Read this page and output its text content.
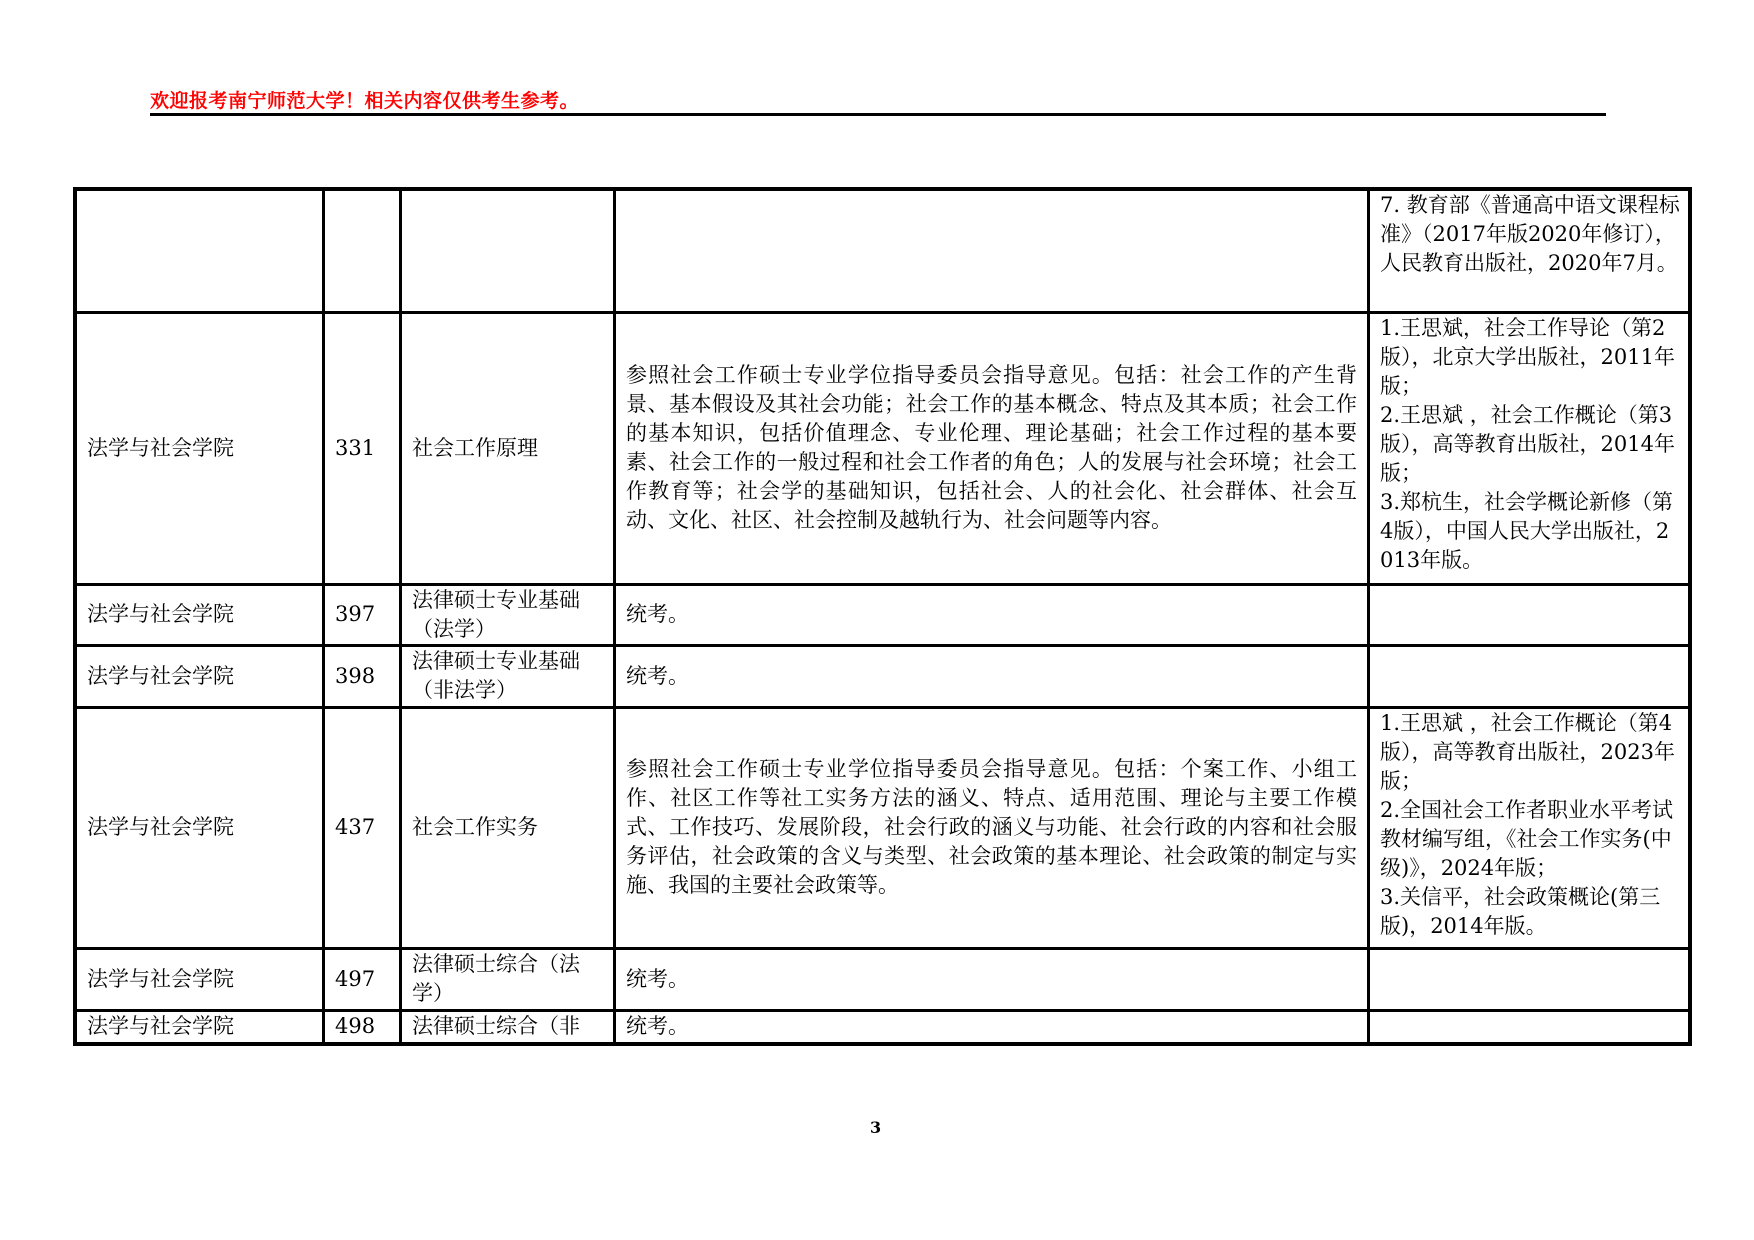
欢迎报考南宁师范大学！相关内容仅供考生参考。

				7. 教育部《普通高中语文课程标准》（2017年版2020年修订），人民教育出版社，2020年7月。

法学与社会学院	331	社会工作原理	参照社会工作硕士专业学位指导委员会指导意见。包括：社会工作的产生背景、基本假设及其社会功能；社会工作的基本概念、特点及其本质；社会工作的基本知识，包括价值理念、专业伦理、理论基础；社会工作过程的基本要素、社会工作的一般过程和社会工作者的角色；人的发展与社会环境；社会工作教育等；社会学的基础知识，包括社会、人的社会化、社会群体、社会互动、文化、社区、社会控制及越轨行为、社会问题等内容。	1.王思斌，社会工作导论（第2版），北京大学出版社，2011年版；
2.王思斌 ，社会工作概论（第3版），高等教育出版社，2014年版；
3.郑杭生，社会学概论新修（第4版），中国人民大学出版社，2013年版。

法学与社会学院	397	法律硕士专业基础（法学）	统考。	
法学与社会学院	398	法律硕士专业基础（非法学）	统考。	
法学与社会学院	437	社会工作实务	参照社会工作硕士专业学位指导委员会指导意见。包括：个案工作、小组工作、社区工作等社工实务方法的涵义、特点、适用范围、理论与主要工作模式、工作技巧、发展阶段，社会行政的涵义与功能、社会行政的内容和社会服务评估，社会政策的含义与类型、社会政策的基本理论、社会政策的制定与实施、我国的主要社会政策等。	1.王思斌 ，社会工作概论（第4版），高等教育出版社，2023年版；
2.全国社会工作者职业水平考试教材编写组，《社会工作实务(中级)》，2024年版；
3.关信平，社会政策概论(第三版)，2014年版。

法学与社会学院	497	法律硕士综合（法学）	统考。	
法学与社会学院	498	法律硕士综合（非	统考。	
3
